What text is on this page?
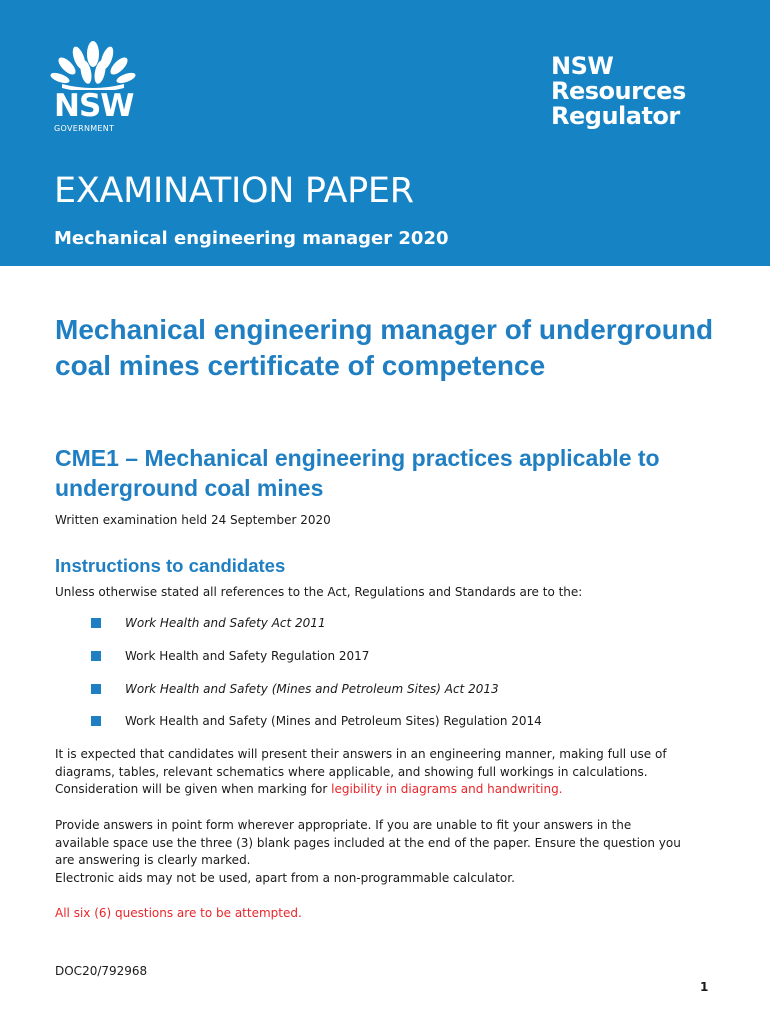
NSW
GOVERNMENT
NSW
Resources
Regulator
EXAMINATION PAPER
Mechanical engineering manager 2020
Mechanical engineering manager of underground coal mines certificate of competence
CME1 – Mechanical engineering practices applicable to underground coal mines
Written examination held 24 September 2020
Instructions to candidates
Unless otherwise stated all references to the Act, Regulations and Standards are to the:
Work Health and Safety Act 2011
Work Health and Safety Regulation 2017
Work Health and Safety (Mines and Petroleum Sites) Act 2013
Work Health and Safety (Mines and Petroleum Sites) Regulation 2014
It is expected that candidates will present their answers in an engineering manner, making full use of
diagrams, tables, relevant schematics where applicable, and showing full workings in calculations.
Consideration will be given when marking for legibility in diagrams and handwriting.
Provide answers in point form wherever appropriate. If you are unable to fit your answers in the
available space use the three (3) blank pages included at the end of the paper. Ensure the question you
are answering is clearly marked.
Electronic aids may not be used, apart from a non-programmable calculator.
All six (6) questions are to be attempted.
DOC20/792968
1
